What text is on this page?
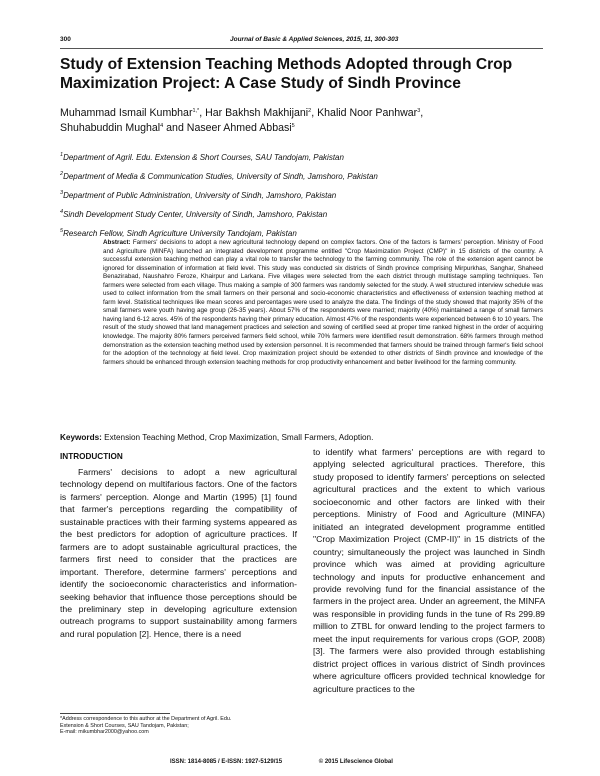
300	Journal of Basic & Applied Sciences, 2015, 11, 300-303
Study of Extension Teaching Methods Adopted through Crop
Maximization Project: A Case Study of Sindh Province
Muhammad Ismail Kumbhar$^{1,*}$, Har Bakhsh Makhijani$^2$, Khalid Noor Panhwar$^3$,
Shuhabuddin Mughal$^4$ and Naseer Ahmed Abbasi$^5$
$^1$Department of Agril. Edu. Extension & Short Courses, SAU Tandojam, Pakistan
$^2$Department of Media & Communication Studies, University of Sindh, Jamshoro, Pakistan
$^3$Department of Public Administration, University of Sindh, Jamshoro, Pakistan
$^4$Sindh Development Study Center, University of Sindh, Jamshoro, Pakistan
$^5$Research Fellow, Sindh Agriculture University Tandojam, Pakistan
Abstract: Farmers' decisions to adopt a new agricultural technology depend on complex factors. One of the factors is farmers' perception. Ministry of Food and Agriculture (MINFA) launched an integrated development programme entitled "Crop Maximization Project (CMP)" in 15 districts of the country. A successful extension teaching method can play a vital role to transfer the technology to the farming community. The role of the extension agent cannot be ignored for dissemination of information at field level. This study was conducted six districts of Sindh province comprising Mirpurkhas, Sanghar, Shaheed Benazirabad, Naushahro Feroze, Khairpur and Larkana. Five villages were selected from the each district through multistage sampling techniques. Ten farmers were selected from each village. Thus making a sample of 300 farmers was randomly selected for the study. A well structured interview schedule was used to collect information from the small farmers on their personal and socio-economic characteristics and effectiveness of extension teaching method at farm level. Statistical techniques like mean scores and percentages were used to analyze the data. The findings of the study showed that majority 35% of the small farmers were youth having age group (26-35 years). About 57% of the respondents were married; majority (40%) maintained a range of small farmers having land 6-12 acres. 45% of the respondents having their primary education. Almost 47% of the respondents were experienced between 6 to 10 years. The result of the study showed that land management practices and selection and sowing of certified seed at proper time ranked highest in the order of acquiring knowledge. The majority 80% farmers perceived farmers field school, while 70% farmers were identified result demonstration. 68% farmers through method demonstration as the extension teaching method used by extension personnel. It is recommended that farmers should be trained through farmer's field school for the adoption of the technology at field level. Crop maximization project should be extended to other districts of Sindh province and knowledge of the farmers should be enhanced through extension teaching methods for crop productivity enhancement and better livelihood for the farming community.
Keywords: Extension Teaching Method, Crop Maximization, Small Farmers, Adoption.
INTRODUCTION
Farmers' decisions to adopt a new agricultural technology depend on multifarious factors. One of the factors is farmers' perception. Alonge and Martin (1995) [1] found that farmer's perceptions regarding the compatibility of sustainable practices with their farming systems appeared as the best predictors for adoption of agriculture practices. If farmers are to adopt sustainable agricultural practices, the farmers first need to consider that the practices are important. Therefore, determine farmers' perceptions and identify the socioeconomic characteristics and information-seeking behavior that influence those perceptions should be the preliminary step in developing agriculture extension outreach programs to support sustainability among farmers and rural population [2]. Hence, there is a need
to identify what farmers' perceptions are with regard to applying selected agricultural practices. Therefore, this study proposed to identify farmers' perceptions on selected agricultural practices and the extent to which various socioeconomic and other factors are linked with their perceptions. Ministry of Food and Agriculture (MINFA) initiated an integrated development programme entitled "Crop Maximization Project (CMP-II)" in 15 districts of the country; simultaneously the project was launched in Sindh province which was aimed at providing agriculture technology and inputs for productive enhancement and provide revolving fund for the financial assistance of the farmers in the project area. Under an agreement, the MINFA was responsible in providing funds in the tune of Rs 299.89 million to ZTBL for onward lending to the project farmers to meet the input requirements for various crops (GOP, 2008) [3]. The farmers were also provided through establishing district project offices in various district of Sindh provinces where agriculture officers provided technical knowledge for agriculture practices to the
*Address correspondence to this author at the Department of Agril. Edu.
Extension & Short Courses, SAU Tandojam, Pakistan;
E-mail: mikumbhar2000@yahoo.com
ISSN: 1814-8085 / E-ISSN: 1927-5129/15	© 2015 Lifescience Global
